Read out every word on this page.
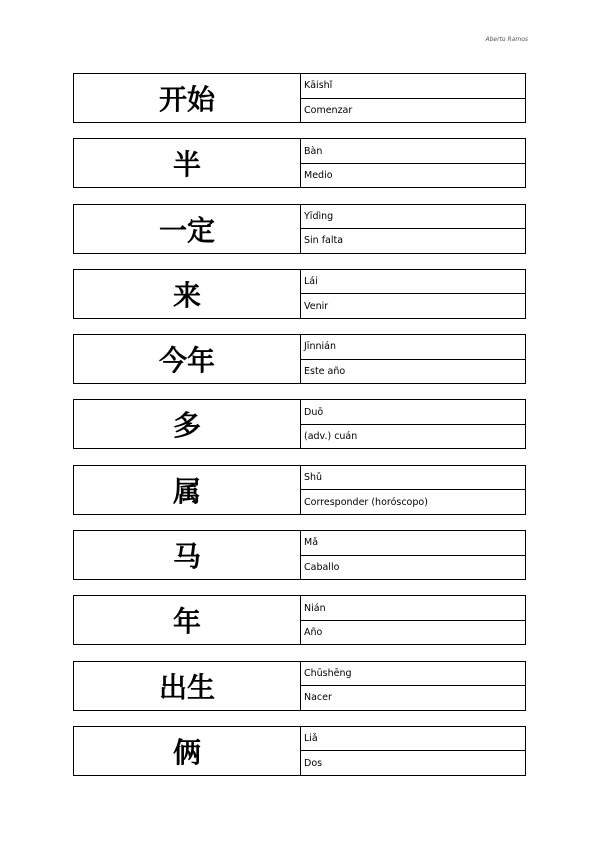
Aberto Ramos
开始	Kāishǐ
Comenzar
半	Bàn
Medio
一定	Yīdìng
Sin falta
来	Lái
Venir
今年	Jīnnián
Este año
多	Duō
(adv.) cuán
属	Shǔ
Corresponder (horóscopo)
马	Mǎ
Caballo
年	Nián
Año
出生	Chūshēng
Nacer
俩	Liǎ
Dos
